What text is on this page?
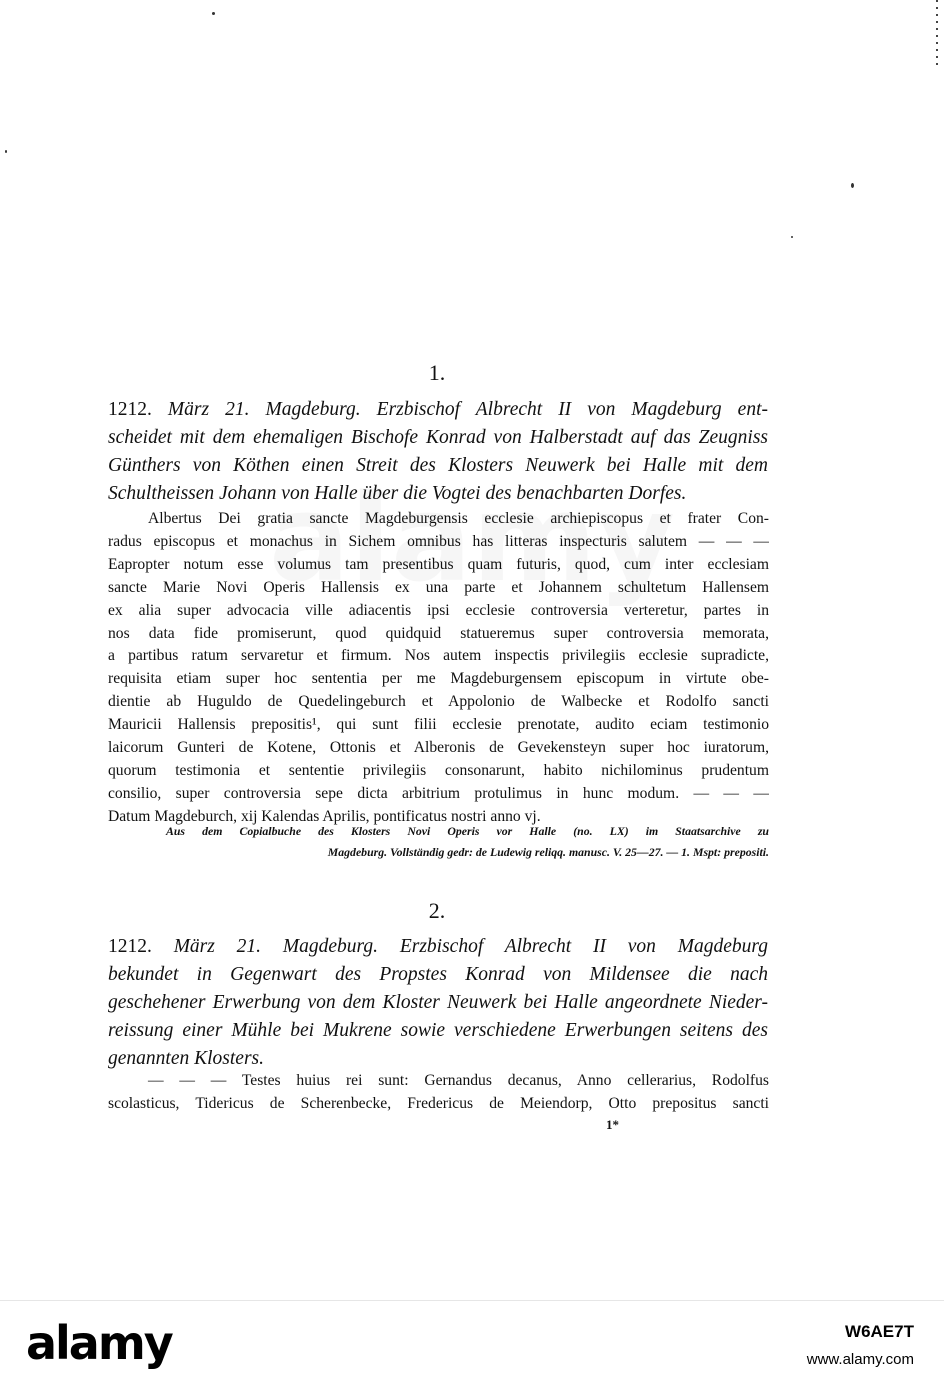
1.
1212. März 21. Magdeburg. Erzbischof Albrecht II von Magdeburg ent-
scheidet mit dem ehemaligen Bischofe Konrad von Halberstadt auf das Zeugniss
Günthers von Köthen einen Streit des Klosters Neuwerk bei Halle mit dem
Schultheissen Johann von Halle über die Vogtei des benachbarten Dorfes.
Albertus Dei gratia sancte Magdeburgensis ecclesie archiepiscopus et frater Con-
radus episcopus et monachus in Sichem omnibus has litteras inspecturis salutem — — —
Eapropter notum esse volumus tam presentibus quam futuris, quod, cum inter ecclesiam
sancte Marie Novi Operis Hallensis ex una parte et Johannem schultetum Hallensem
ex alia super advocacia ville adiacentis ipsi ecclesie controversia verteretur, partes in
nos data fide promiserunt, quod quidquid statueremus super controversia memorata,
a partibus ratum servaretur et firmum. Nos autem inspectis privilegiis ecclesie supradicte,
requisita etiam super hoc sententia per me Magdeburgensem episcopum in virtute obe-
dientie ab Huguldo de Quedelingeburch et Appolonio de Walbecke et Rodolfo sancti
Mauricii Hallensis prepositis¹, qui sunt filii ecclesie prenotate, audito eciam testimonio
laicorum Gunteri de Kotene, Ottonis et Alberonis de Gevekensteyn super hoc iuratorum,
quorum testimonia et sententie privilegiis consonarunt, habito nichilominus prudentum
consilio, super controversia sepe dicta arbitrium protulimus in hunc modum. — — —
Datum Magdeburch, xij Kalendas Aprilis, pontificatus nostri anno vj.
Aus dem Copialbuche des Klosters Novi Operis vor Halle (no. LX) im Staatsarchive zu
Magdeburg. Vollständig gedr: de Ludewig reliqq. manusc. V. 25—27. — 1. Mspt: prepositi.
2.
1212. März 21. Magdeburg. Erzbischof Albrecht II von Magdeburg
bekundet in Gegenwart des Propstes Konrad von Mildensee die nach
geschehener Erwerbung von dem Kloster Neuwerk bei Halle angeordnete Nieder-
reissung einer Mühle bei Mukrene sowie verschiedene Erwerbungen seitens des
genannten Klosters.
— — — Testes huius rei sunt: Gernandus decanus, Anno cellerarius, Rodolfus
scolasticus, Tidericus de Scherenbecke, Fredericus de Meiendorp, Otto prepositus sancti
1*
alamy	W6AE7T
www.alamy.com
